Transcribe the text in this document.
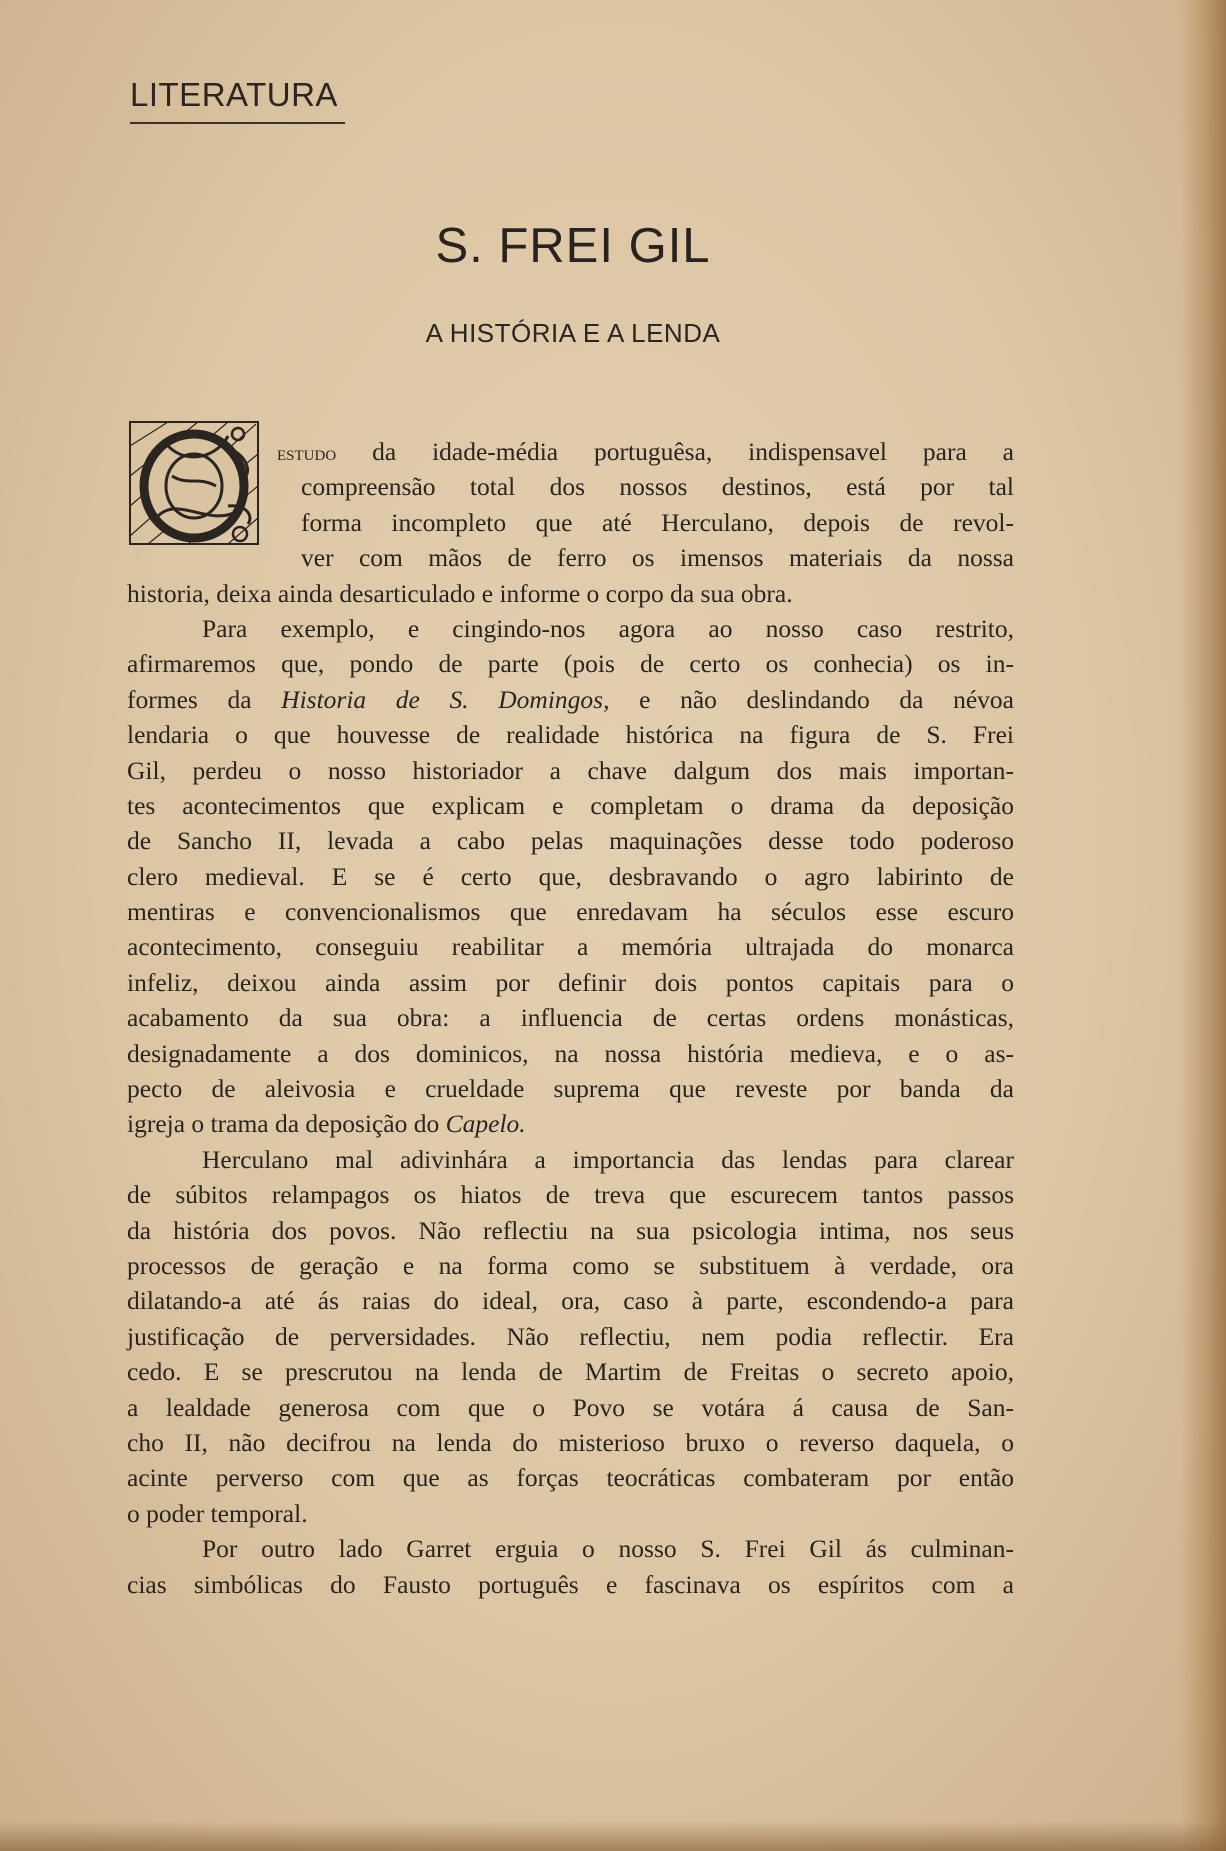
LITERATURA
S. FREI GIL
A HISTÓRIA E A LENDA
estudo da idade-média portuguêsa, indispensavel para a
compreensão total dos nossos destinos, está por tal
forma incompleto que até Herculano, depois de revol-
ver com mãos de ferro os imensos materiais da nossa
historia, deixa ainda desarticulado e informe o corpo da sua obra.
Para exemplo, e cingindo-nos agora ao nosso caso restrito,
afirmaremos que, pondo de parte (pois de certo os conhecia) os in-
formes da Historia de S. Domingos, e não deslindando da névoa
lendaria o que houvesse de realidade histórica na figura de S. Frei
Gil, perdeu o nosso historiador a chave dalgum dos mais importan-
tes acontecimentos que explicam e completam o drama da deposição
de Sancho II, levada a cabo pelas maquinações desse todo poderoso
clero medieval. E se é certo que, desbravando o agro labirinto de
mentiras e convencionalismos que enredavam ha séculos esse escuro
acontecimento, conseguiu reabilitar a memória ultrajada do monarca
infeliz, deixou ainda assim por definir dois pontos capitais para o
acabamento da sua obra: a influencia de certas ordens monásticas,
designadamente a dos dominicos, na nossa história medieva, e o as-
pecto de aleivosia e crueldade suprema que reveste por banda da
igreja o trama da deposição do Capelo.
Herculano mal adivinhára a importancia das lendas para clarear
de súbitos relampagos os hiatos de treva que escurecem tantos passos
da história dos povos. Não reflectiu na sua psicologia intima, nos seus
processos de geração e na forma como se substituem à verdade, ora
dilatando-a até ás raias do ideal, ora, caso à parte, escondendo-a para
justificação de perversidades. Não reflectiu, nem podia reflectir. Era
cedo. E se prescrutou na lenda de Martim de Freitas o secreto apoio,
a lealdade generosa com que o Povo se votára á causa de San-
cho II, não decifrou na lenda do misterioso bruxo o reverso daquela, o
acinte perverso com que as forças teocráticas combateram por então
o poder temporal.
Por outro lado Garret erguia o nosso S. Frei Gil ás culminan-
cias simbólicas do Fausto português e fascinava os espíritos com a
